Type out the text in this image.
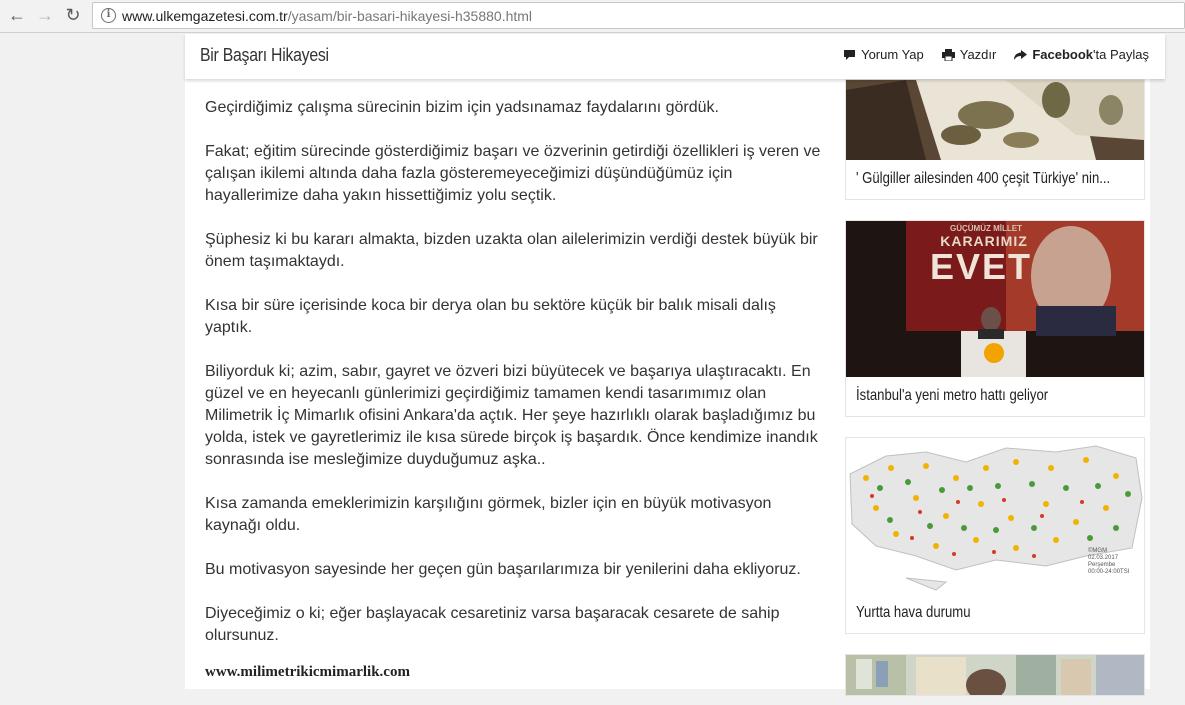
← → ↻	i www.ulkemgazetesi.com.tr/yasam/bir-basari-hikayesi-h35880.html
Bir Başarı Hikayesi	Yorum Yap	Yazdır	Facebook 'ta Paylaş

Geçirdiğimiz çalışma sürecinin bizim için yadsınamaz faydalarını gördük.

Fakat; eğitim sürecinde gösterdiğimiz başarı ve özverinin getirdiği özellikleri iş veren ve çalışan ikilemi altında daha fazla gösteremeyeceğimizi düşündüğümüz için hayallerimize daha yakın hissettiğimiz yolu seçtik.

Şüphesiz ki bu kararı almakta, bizden uzakta olan ailelerimizin verdiği destek büyük bir önem taşımaktaydı.

Kısa bir süre içerisinde koca bir derya olan bu sektöre küçük bir balık misali dalış yaptık.

Biliyorduk ki; azim, sabır, gayret ve özveri bizi büyütecek ve başarıya ulaştıracaktı. En güzel ve en heyecanlı günlerimizi geçirdiğimiz tamamen kendi tasarımımız olan Milimetrik İç Mimarlık ofisini Ankara'da açtık. Her şeye hazırlıklı olarak başladığımız bu yolda, istek ve gayretlerimiz ile kısa sürede birçok iş başardık. Önce kendimize inandık sonrasında ise mesleğimize duyduğumuz aşka..

Kısa zamanda emeklerimizin karşılığını görmek, bizler için en büyük motivasyon kaynağı oldu.

Bu motivasyon sayesinde her geçen gün başarılarımıza bir yenilerini daha ekliyoruz.

Diyeceğimiz o ki; eğer başlayacak cesaretiniz varsa başaracak cesarete de sahip olursunuz.

www.milimetrikicmimarlik.com

' Gülgiller ailesinden 400 çeşit Türkiye' nin...
GÜÇÜMÜZ MİLLET
KARARIMIZ
EVET
İstanbul'a yeni metro hattı geliyor
©MGM
02.03.2017
Perşembe
00:00-24:00TSI
Yurtta hava durumu
